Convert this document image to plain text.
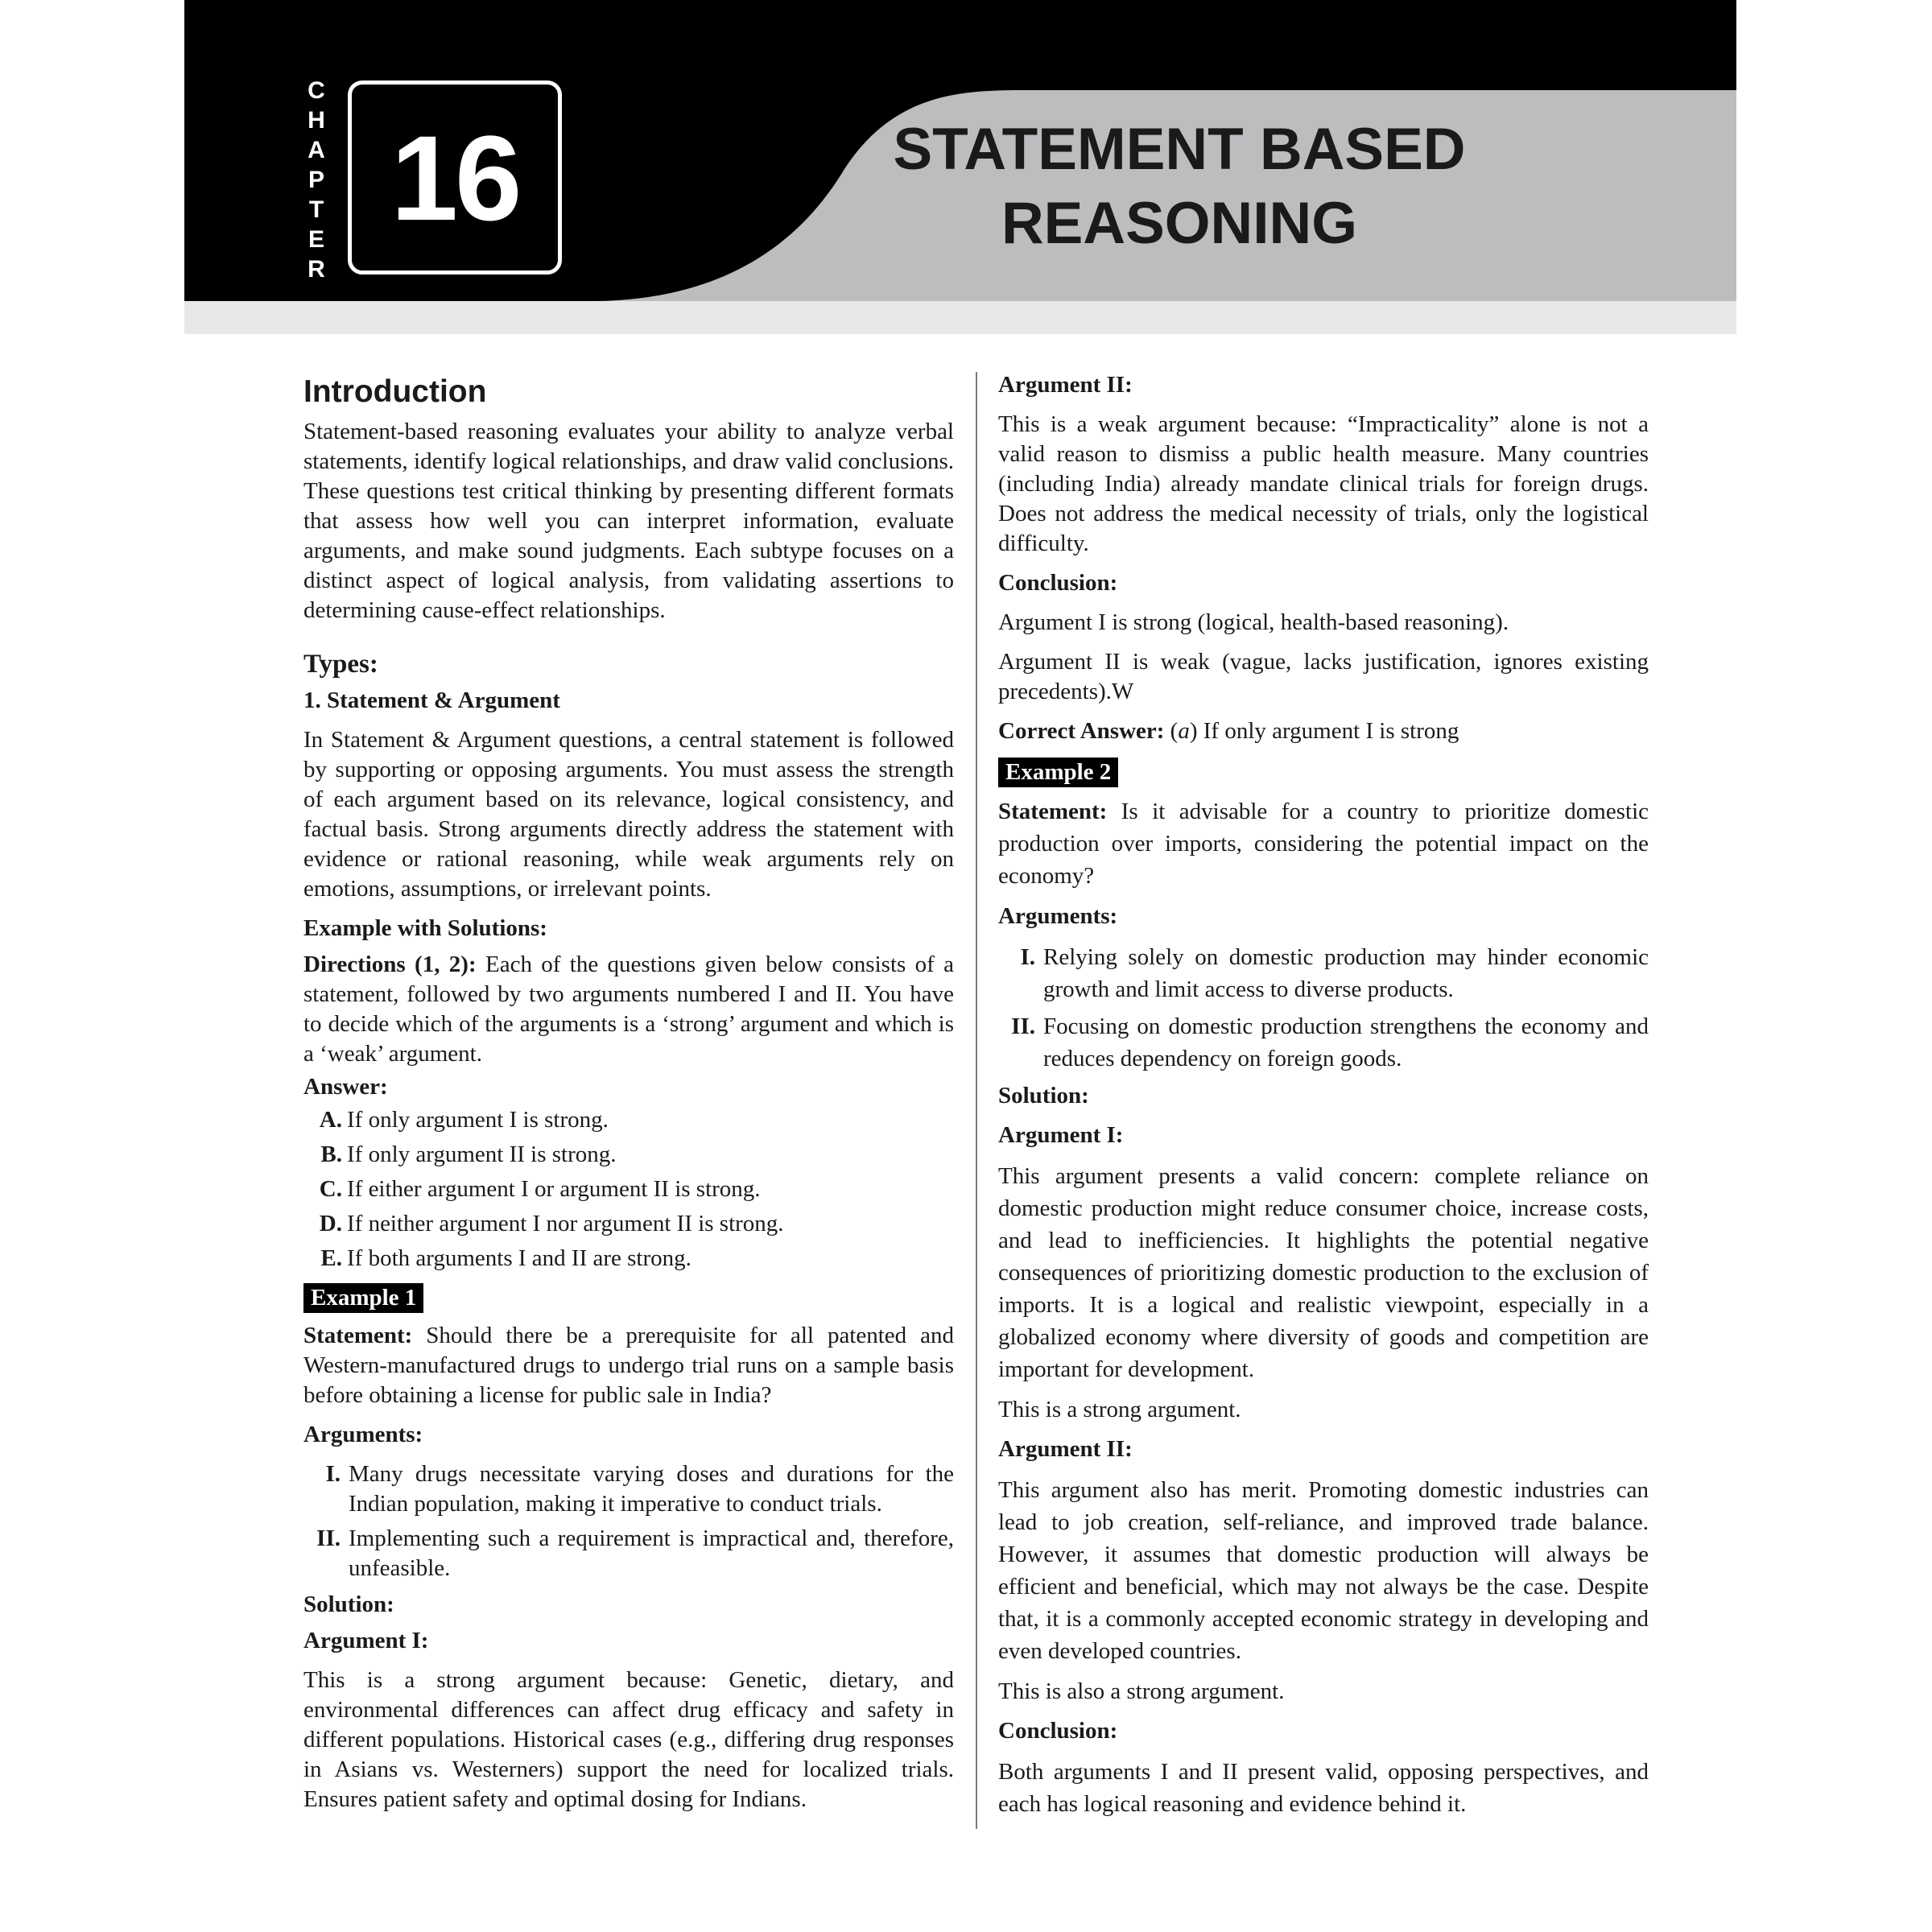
C
H
A
P
T
E
R
16	STATEMENT BASED
REASONING
Introduction

Statement-based reasoning evaluates your ability to analyze verbal statements, identify logical relationships, and draw valid conclusions. These questions test critical thinking by presenting different formats that assess how well you can interpret information, evaluate arguments, and make sound judgments. Each subtype focuses on a distinct aspect of logical analysis, from validating assertions to determining cause-effect relationships.

Types:
1. Statement & Argument

In Statement & Argument questions, a central statement is followed by supporting or opposing arguments. You must assess the strength of each argument based on its relevance, logical consistency, and factual basis. Strong arguments directly address the statement with evidence or rational reasoning, while weak arguments rely on emotions, assumptions, or irrelevant points.

Example with Solutions:

Directions (1, 2): Each of the questions given below consists of a statement, followed by two arguments numbered I and II. You have to decide which of the arguments is a ‘strong’ argument and which is a ‘weak’ argument.

Answer:
A. If only argument I is strong.
B. If only argument II is strong.
C. If either argument I or argument II is strong.
D. If neither argument I nor argument II is strong.
E. If both arguments I and II are strong.
Example 1

Statement: Should there be a prerequisite for all patented and Western-manufactured drugs to undergo trial runs on a sample basis before obtaining a license for public sale in India?

Arguments:
I. Many drugs necessitate varying doses and durations for the Indian population, making it imperative to conduct trials.
II. Implementing such a requirement is impractical and, therefore, unfeasible.
Solution:
Argument I:

This is a strong argument because: Genetic, dietary, and environmental differences can affect drug efficacy and safety in different populations. Historical cases (e.g., differing drug responses in Asians vs. Westerners) support the need for localized trials. Ensures patient safety and optimal dosing for Indians.

Argument II:

This is a weak argument because: “Impracticality” alone is not a valid reason to dismiss a public health measure. Many countries (including India) already mandate clinical trials for foreign drugs. Does not address the medical necessity of trials, only the logistical difficulty.

Conclusion:

Argument I is strong (logical, health-based reasoning).

Argument II is weak (vague, lacks justification, ignores existing precedents).W

Correct Answer: (a) If only argument I is strong

Example 2

Statement: Is it advisable for a country to prioritize domestic production over imports, considering the potential impact on the economy?

Arguments:
I. Relying solely on domestic production may hinder economic growth and limit access to diverse products.
II. Focusing on domestic production strengthens the economy and reduces dependency on foreign goods.
Solution:
Argument I:

This argument presents a valid concern: complete reliance on domestic production might reduce consumer choice, increase costs, and lead to inefficiencies. It highlights the potential negative consequences of prioritizing domestic production to the exclusion of imports. It is a logical and realistic viewpoint, especially in a globalized economy where diversity of goods and competition are important for development.

This is a strong argument.

Argument II:

This argument also has merit. Promoting domestic industries can lead to job creation, self-reliance, and improved trade balance. However, it assumes that domestic production will always be efficient and beneficial, which may not always be the case. Despite that, it is a commonly accepted economic strategy in developing and even developed countries.

This is also a strong argument.

Conclusion:

Both arguments I and II present valid, opposing perspectives, and each has logical reasoning and evidence behind it.
